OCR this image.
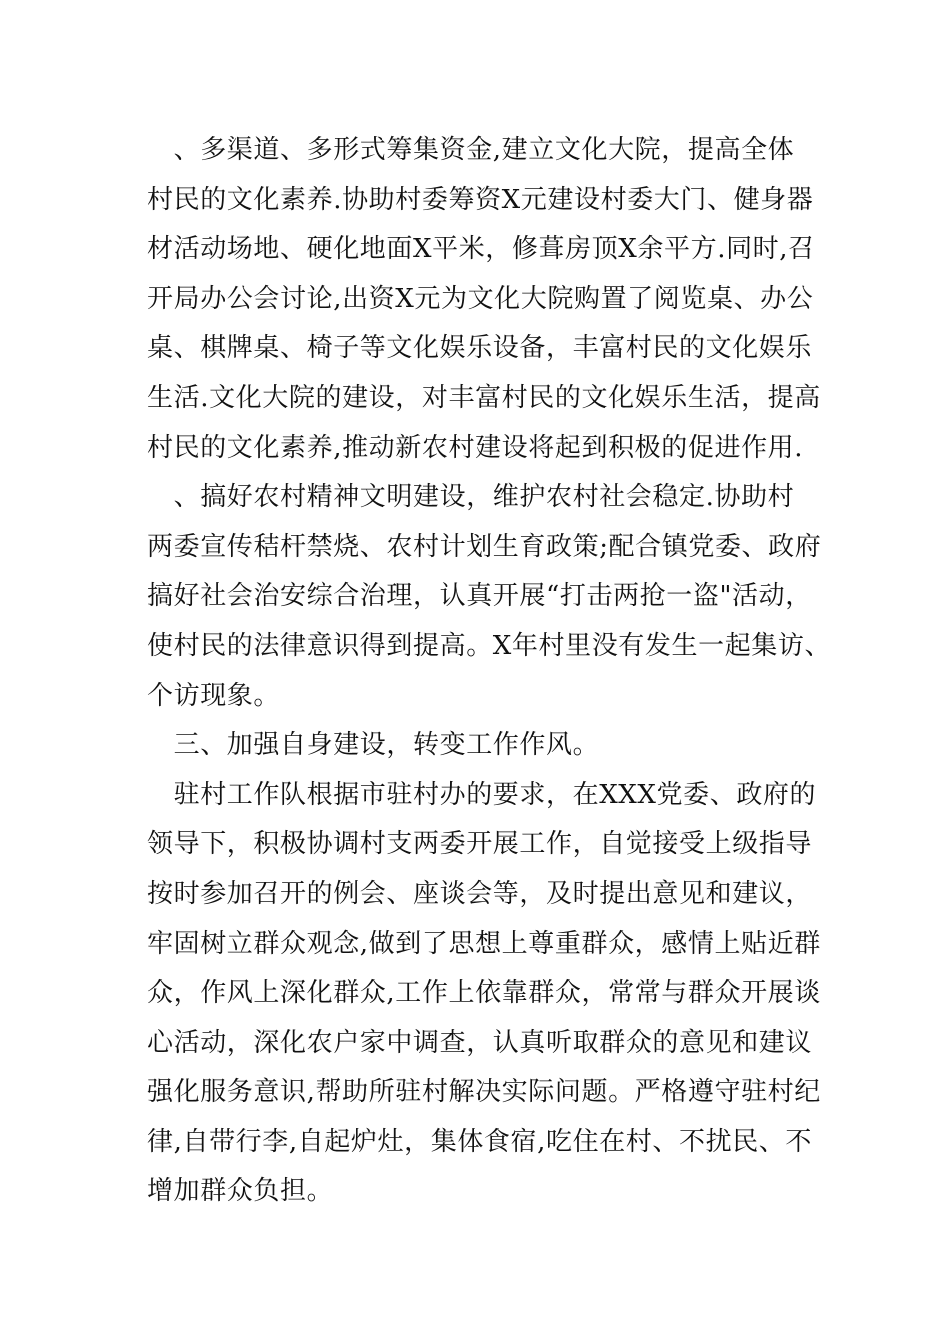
　、多渠道、多形式筹集资金,建立文化大院，提高全体
村民的文化素养.协助村委筹资X元建设村委大门、健身器
材活动场地、硬化地面X平米，修葺房顶X余平方.同时,召
开局办公会讨论,出资X元为文化大院购置了阅览桌、办公
桌、棋牌桌、椅子等文化娱乐设备，丰富村民的文化娱乐
生活.文化大院的建设，对丰富村民的文化娱乐生活，提高
村民的文化素养,推动新农村建设将起到积极的促进作用.
　、搞好农村精神文明建设，维护农村社会稳定.协助村
两委宣传秸杆禁烧、农村计划生育政策;配合镇党委、政府
搞好社会治安综合治理，认真开展“打击两抢一盗"活动，
使村民的法律意识得到提高。X年村里没有发生一起集访、
个访现象。
　三、加强自身建设，转变工作作风。
　驻村工作队根据市驻村办的要求，在XXX党委、政府的
领导下，积极协调村支两委开展工作，自觉接受上级指导
按时参加召开的例会、座谈会等，及时提出意见和建议，
牢固树立群众观念,做到了思想上尊重群众，感情上贴近群
众，作风上深化群众,工作上依靠群众，常常与群众开展谈
心活动，深化农户家中调查，认真听取群众的意见和建议
强化服务意识,帮助所驻村解决实际问题。严格遵守驻村纪
律,自带行李,自起炉灶，集体食宿,吃住在村、不扰民、不
增加群众负担。
